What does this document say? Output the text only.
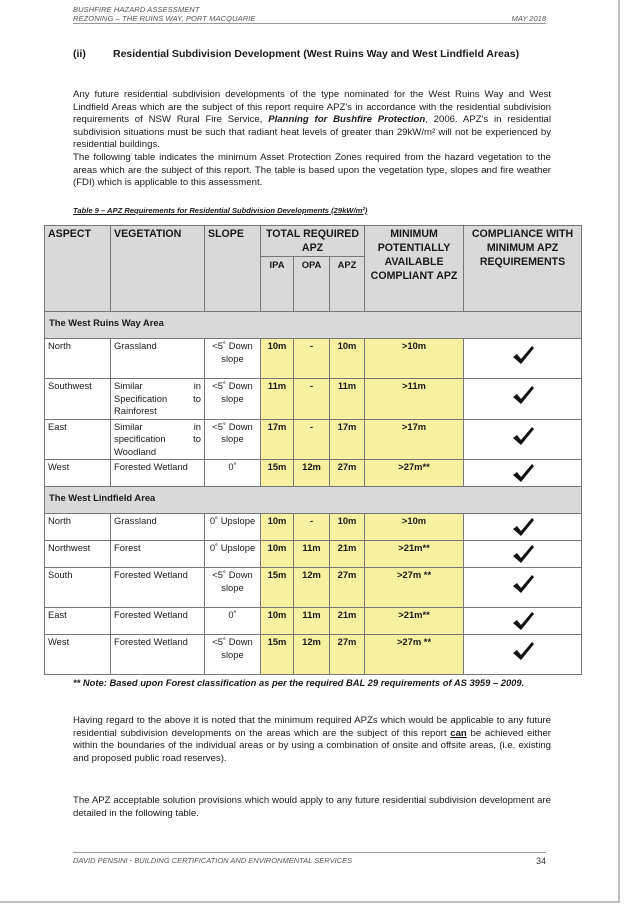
BUSHFIRE HAZARD ASSESSMENT
REZONING – THE RUINS WAY, PORT MACQUARIE	MAY 2018
(ii)	Residential Subdivision Development (West Ruins Way and West Lindfield Areas)
Any future residential subdivision developments of the type nominated for the West Ruins Way and West Lindfield Areas which are the subject of this report require APZ's in accordance with the residential subdivision requirements of NSW Rural Fire Service, Planning for Bushfire Protection, 2006. APZ's in residential subdivision situations must be such that radiant heat levels of greater than 29kW/m² will not be experienced by residential buildings.
The following table indicates the minimum Asset Protection Zones required from the hazard vegetation to the areas which are the subject of this report. The table is based upon the vegetation type, slopes and fire weather (FDI) which is applicable to this assessment.
Table 9 – APZ Requirements for Residential Subdivision Developments (29kW/m²)
ASPECT	VEGETATION	SLOPE	TOTAL REQUIRED APZ			MINIMUM POTENTIALLY AVAILABLE COMPLIANT APZ	COMPLIANCE WITH MINIMUM APZ REQUIREMENTS
			IPA	OPA	APZ		
The West Ruins Way Area							
North	Grassland	<5˚ Down slope	10m	-	10m	>10m	

Southwest	Similar in Specification to Rainforest	<5˚ Down slope	11m	-	11m	>11m	

East	Similar in specification to Woodland	<5˚ Down slope	17m	-	17m	>17m	

West	Forested Wetland	0˚	15m	12m	27m	>27m**	

The West Lindfield Area							
North	Grassland	0˚ Upslope	10m	-	10m	>10m	

Northwest	Forest	0˚ Upslope	10m	11m	21m	>21m**	

South	Forested Wetland	<5˚ Down slope	15m	12m	27m	>27m **	

East	Forested Wetland	0˚	10m	11m	21m	>21m**	

West	Forested Wetland	<5˚ Down slope	15m	12m	27m	>27m **	
** Note: Based upon Forest classification as per the required BAL 29 requirements of AS 3959 – 2009.
Having regard to the above it is noted that the minimum required APZs which would be applicable to any future residential subdivision developments on the areas which are the subject of this report can be achieved either within the boundaries of the individual areas or by using a combination of onsite and offsite areas, (i.e. existing and proposed public road reserves).
The APZ acceptable solution provisions which would apply to any future residential subdivision development are detailed in the following table.
DAVID PENSINI - BUILDING CERTIFICATION AND ENVIRONMENTAL SERVICES	34
